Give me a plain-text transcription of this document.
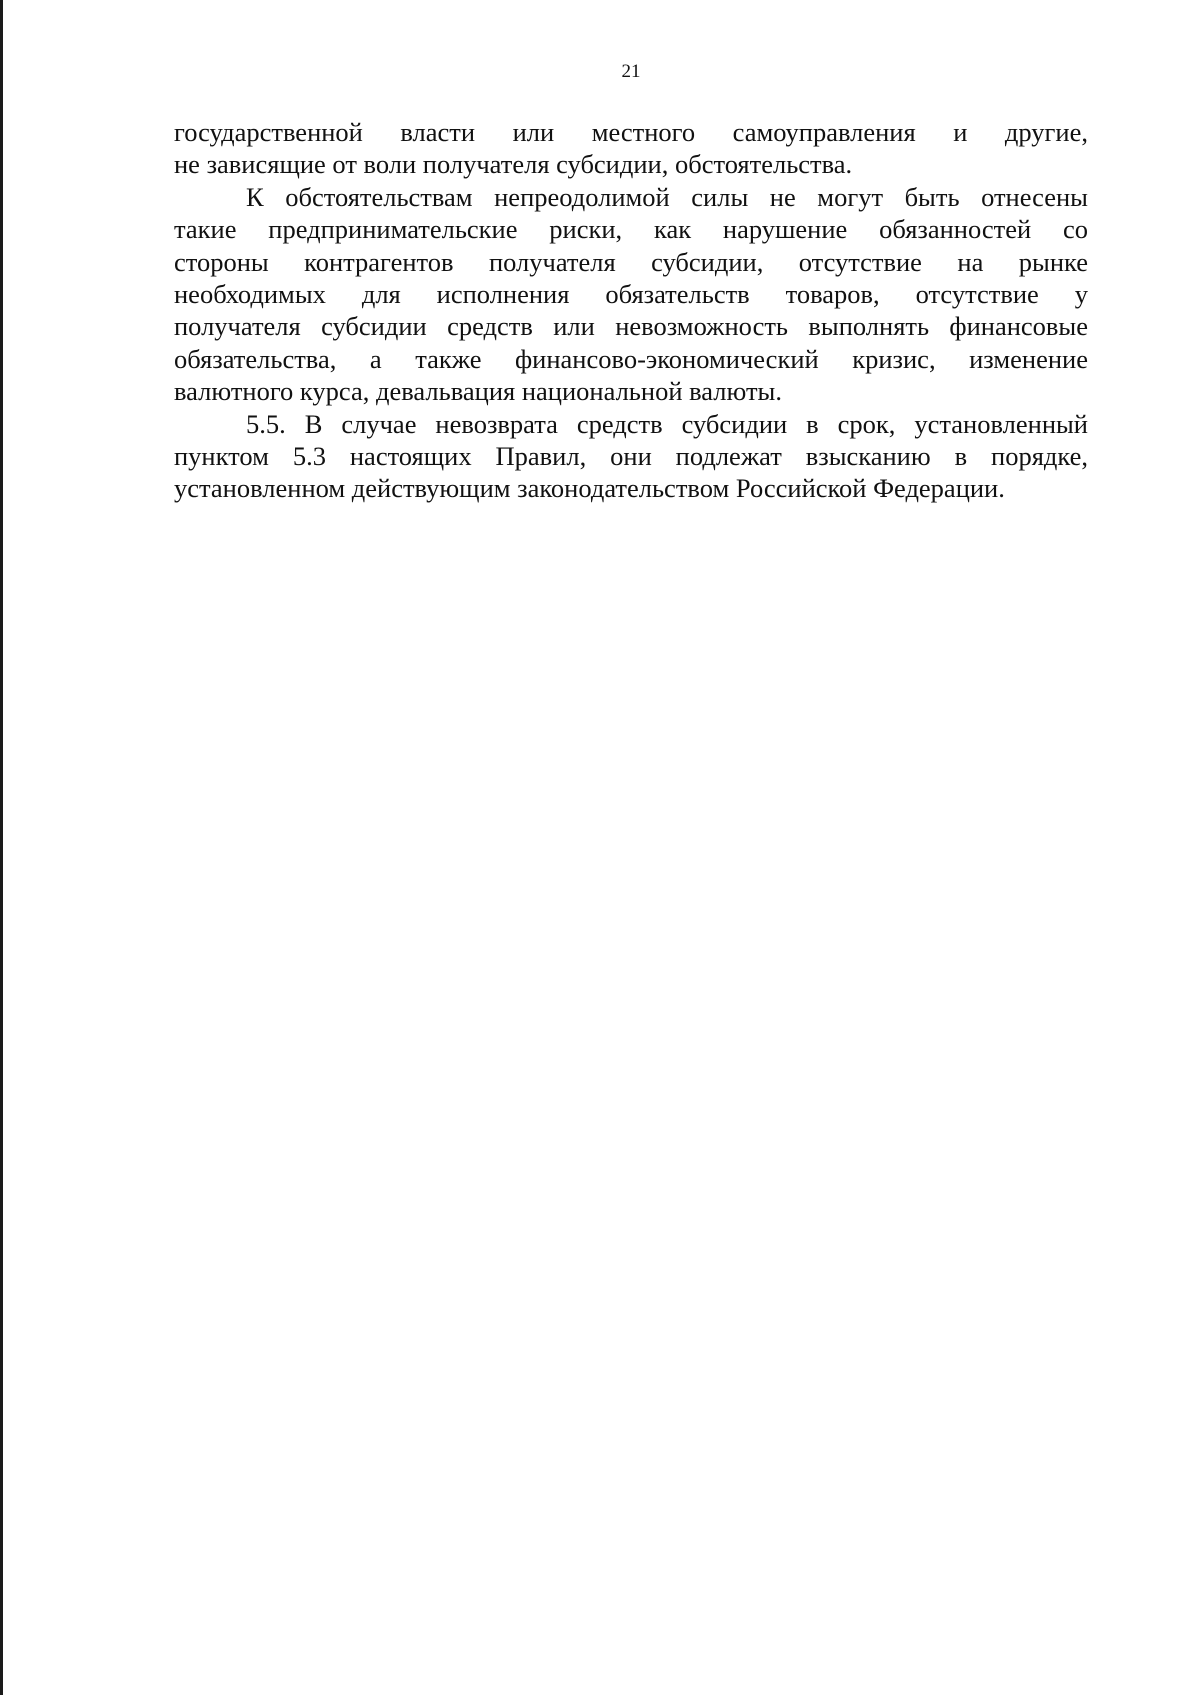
21

государственной власти или местного самоуправления и другие,
не зависящие от воли получателя субсидии, обстоятельства.

К обстоятельствам непреодолимой силы не могут быть отнесены
такие предпринимательские риски, как нарушение обязанностей со
стороны контрагентов получателя субсидии, отсутствие на рынке
необходимых для исполнения обязательств товаров, отсутствие у
получателя субсидии средств или невозможность выполнять финансовые
обязательства, а также финансово-экономический кризис, изменение
валютного курса, девальвация национальной валюты.

5.5. В случае невозврата средств субсидии в срок, установленный
пунктом 5.3 настоящих Правил, они подлежат взысканию в порядке,
установленном действующим законодательством Российской Федерации.
